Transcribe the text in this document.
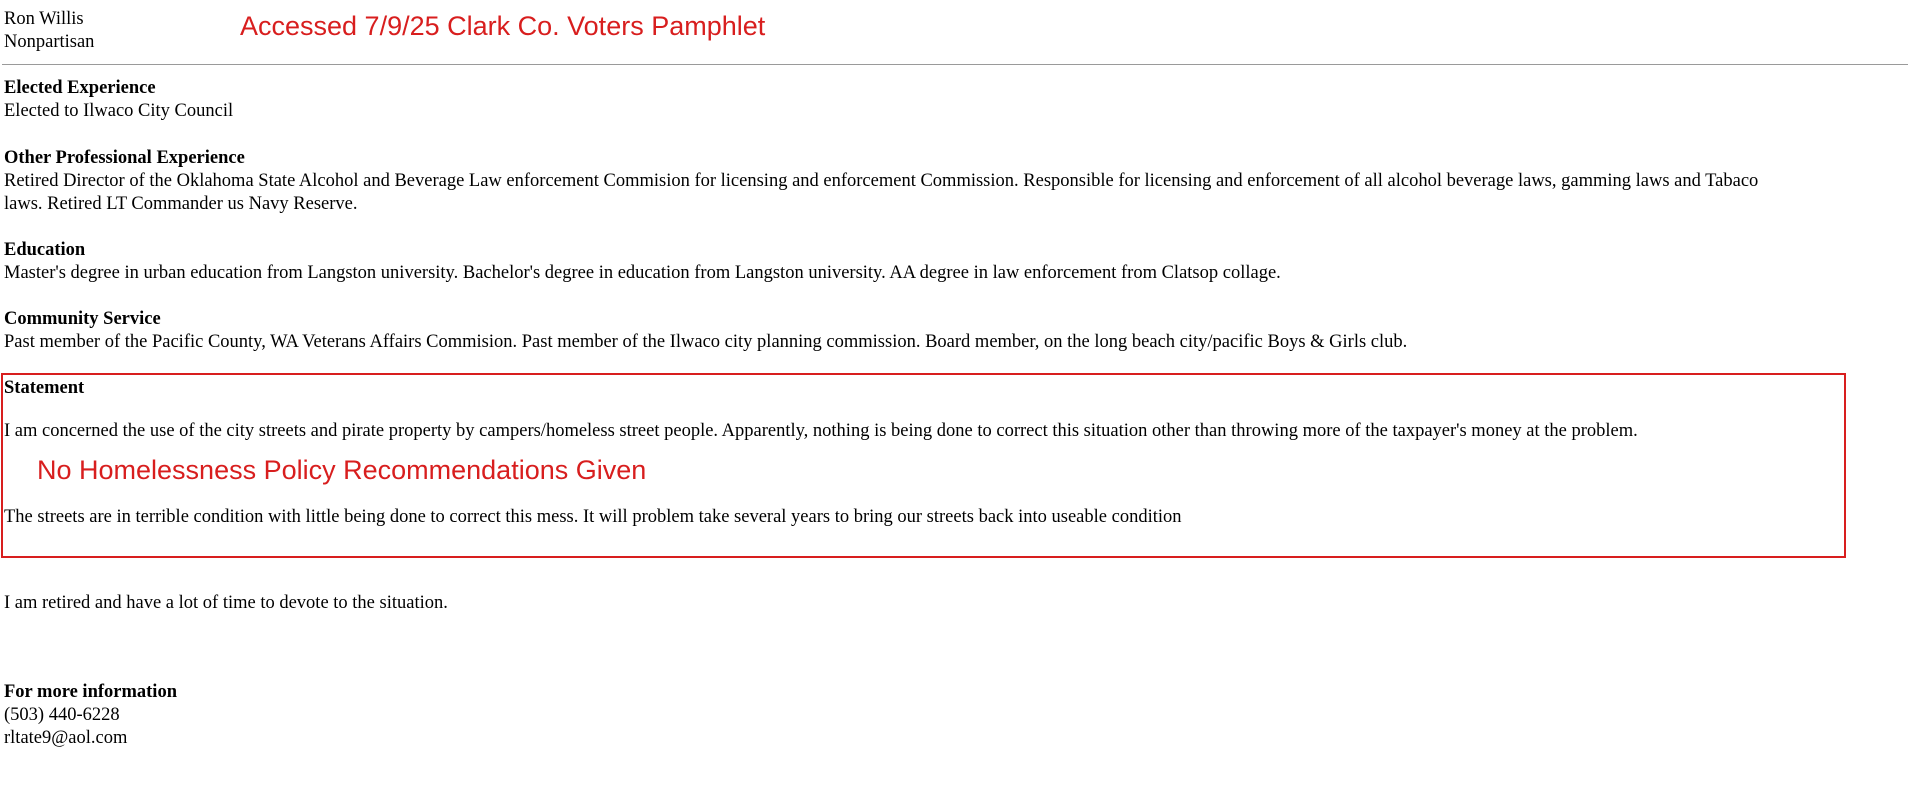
Ron Willis
Nonpartisan
Accessed 7/9/25 Clark Co. Voters Pamphlet
Elected Experience
Elected to Ilwaco City Council
Other Professional Experience
Retired Director of the Oklahoma State Alcohol and Beverage Law enforcement Commision for licensing and enforcement Commission. Responsible for licensing and enforcement of all alcohol beverage laws, gamming laws and Tabaco
laws. Retired LT Commander us Navy Reserve.
Education
Master's degree in urban education from Langston university. Bachelor's degree in education from Langston university. AA degree in law enforcement from Clatsop collage.
Community Service
Past member of the Pacific County, WA Veterans Affairs Commision. Past member of the Ilwaco city planning commission. Board member, on the long beach city/pacific Boys & Girls club.
Statement
I am concerned the use of the city streets and pirate property by campers/homeless street people. Apparently, nothing is being done to correct this situation other than throwing more of the taxpayer's money at the problem.
No Homelessness Policy Recommendations Given
The streets are in terrible condition with little being done to correct this mess. It will problem take several years to bring our streets back into useable condition
I am retired and have a lot of time to devote to the situation.
For more information
(503) 440-6228
rltate9@aol.com
